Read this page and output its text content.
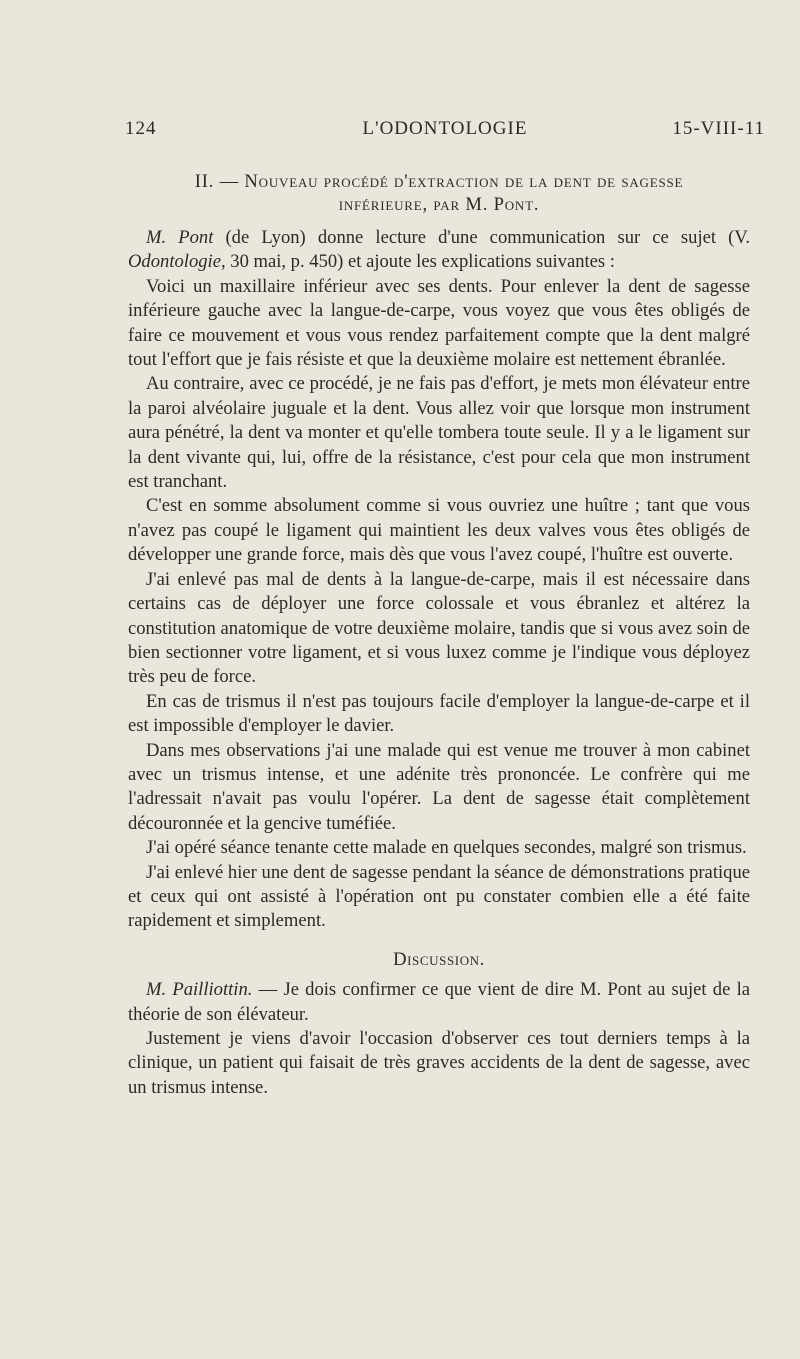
124	L'ODONTOLOGIE	15-VIII-11
II. — Nouveau procédé d'extraction de la dent de sagesse
inférieure, par M. Pont.

M. Pont (de Lyon) donne lecture d'une communication sur ce sujet (V. Odontologie, 30 mai, p. 450) et ajoute les explications suivantes :

Voici un maxillaire inférieur avec ses dents. Pour enlever la dent de sagesse inférieure gauche avec la langue-de-carpe, vous voyez que vous êtes obligés de faire ce mouvement et vous vous rendez parfaitement compte que la dent malgré tout l'effort que je fais résiste et que la deuxième molaire est nettement ébranlée.

Au contraire, avec ce procédé, je ne fais pas d'effort, je mets mon élévateur entre la paroi alvéolaire juguale et la dent. Vous allez voir que lorsque mon instrument aura pénétré, la dent va monter et qu'elle tombera toute seule. Il y a le ligament sur la dent vivante qui, lui, offre de la résistance, c'est pour cela que mon instrument est tranchant.

C'est en somme absolument comme si vous ouvriez une huître ; tant que vous n'avez pas coupé le ligament qui maintient les deux valves vous êtes obligés de développer une grande force, mais dès que vous l'avez coupé, l'huître est ouverte.

J'ai enlevé pas mal de dents à la langue-de-carpe, mais il est nécessaire dans certains cas de déployer une force colossale et vous ébranlez et altérez la constitution anatomique de votre deuxième molaire, tandis que si vous avez soin de bien sectionner votre ligament, et si vous luxez comme je l'indique vous déployez très peu de force.

En cas de trismus il n'est pas toujours facile d'employer la langue-de-carpe et il est impossible d'employer le davier.

Dans mes observations j'ai une malade qui est venue me trouver à mon cabinet avec un trismus intense, et une adénite très prononcée. Le confrère qui me l'adressait n'avait pas voulu l'opérer. La dent de sagesse était complètement découronnée et la gencive tuméfiée.

J'ai opéré séance tenante cette malade en quelques secondes, malgré son trismus.

J'ai enlevé hier une dent de sagesse pendant la séance de démonstrations pratique et ceux qui ont assisté à l'opération ont pu constater combien elle a été faite rapidement et simplement.

Discussion.

M. Pailliottin. — Je dois confirmer ce que vient de dire M. Pont au sujet de la théorie de son élévateur.

Justement je viens d'avoir l'occasion d'observer ces tout derniers temps à la clinique, un patient qui faisait de très graves accidents de la dent de sagesse, avec un trismus intense.
